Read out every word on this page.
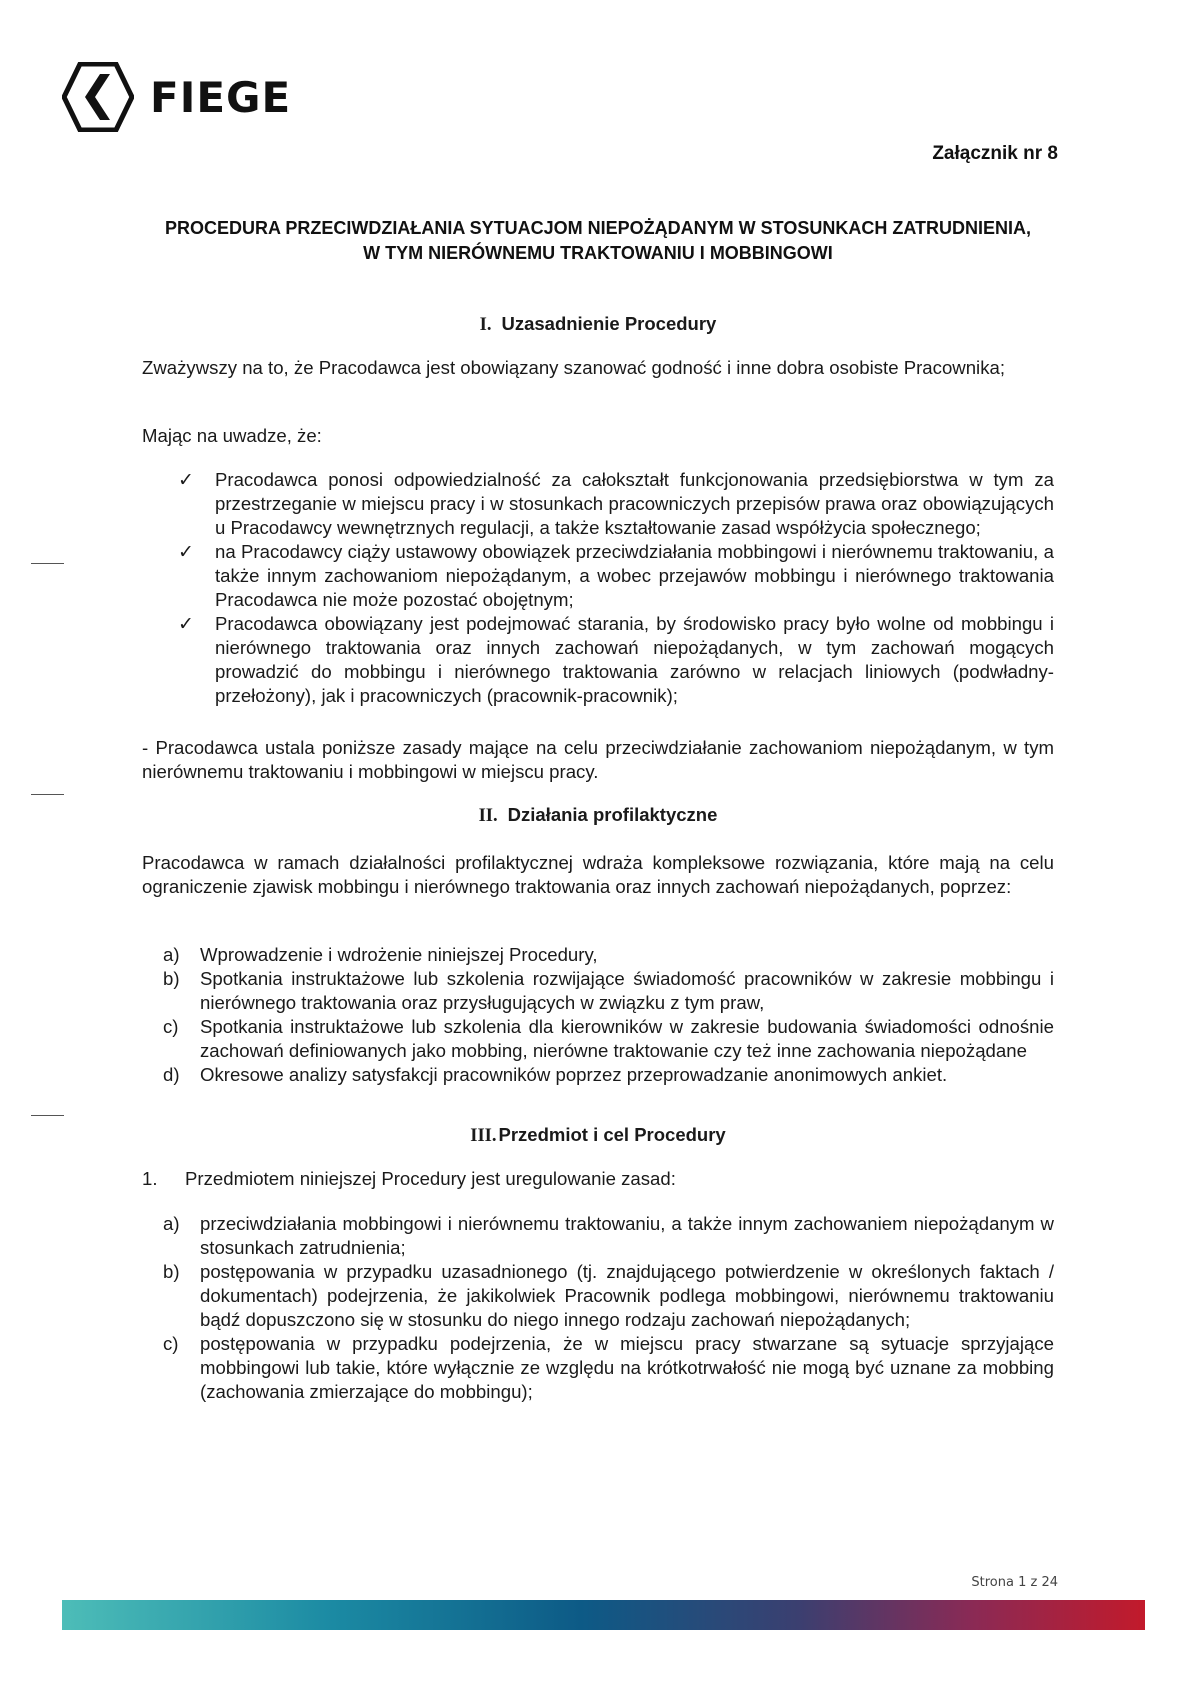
FIEGE
Załącznik nr 8
PROCEDURA PRZECIWDZIAŁANIA SYTUACJOM NIEPOŻĄDANYM W STOSUNKACH ZATRUDNIENIA,
W TYM NIERÓWNEMU TRAKTOWANIU I MOBBINGOWI
I. Uzasadnienie Procedury
Zważywszy na to, że Pracodawca jest obowiązany szanować godność i inne dobra osobiste Pracownika;
Mając na uwadze, że:
✓ Pracodawca ponosi odpowiedzialność za całokształt funkcjonowania przedsiębiorstwa w tym za przestrzeganie w miejscu pracy i w stosunkach pracowniczych przepisów prawa oraz obowiązujących u Pracodawcy wewnętrznych regulacji, a także kształtowanie zasad współżycia społecznego;
✓ na Pracodawcy ciąży ustawowy obowiązek przeciwdziałania mobbingowi i nierównemu traktowaniu, a także innym zachowaniom niepożądanym, a wobec przejawów mobbingu i nierównego traktowania Pracodawca nie może pozostać obojętnym;
✓ Pracodawca obowiązany jest podejmować starania, by środowisko pracy było wolne od mobbingu i nierównego traktowania oraz innych zachowań niepożądanych, w tym zachowań mogących prowadzić do mobbingu i nierównego traktowania zarówno w relacjach liniowych (podwładny-przełożony), jak i pracowniczych (pracownik-pracownik);
- Pracodawca ustala poniższe zasady mające na celu przeciwdziałanie zachowaniom niepożądanym, w tym nierównemu traktowaniu i mobbingowi w miejscu pracy.
II. Działania profilaktyczne
Pracodawca w ramach działalności profilaktycznej wdraża kompleksowe rozwiązania, które mają na celu ograniczenie zjawisk mobbingu i nierównego traktowania oraz innych zachowań niepożądanych, poprzez:
a) Wprowadzenie i wdrożenie niniejszej Procedury,
b) Spotkania instruktażowe lub szkolenia rozwijające świadomość pracowników w zakresie mobbingu i nierównego traktowania oraz przysługujących w związku z tym praw,
c) Spotkania instruktażowe lub szkolenia dla kierowników w zakresie budowania świadomości odnośnie zachowań definiowanych jako mobbing, nierówne traktowanie czy też inne zachowania niepożądane
d) Okresowe analizy satysfakcji pracowników poprzez przeprowadzanie anonimowych ankiet.
III. Przedmiot i cel Procedury
1. Przedmiotem niniejszej Procedury jest uregulowanie zasad:
a) przeciwdziałania mobbingowi i nierównemu traktowaniu, a także innym zachowaniem niepożądanym w stosunkach zatrudnienia;
b) postępowania w przypadku uzasadnionego (tj. znajdującego potwierdzenie w określonych faktach / dokumentach) podejrzenia, że jakikolwiek Pracownik podlega mobbingowi, nierównemu traktowaniu bądź dopuszczono się w stosunku do niego innego rodzaju zachowań niepożądanych;
c) postępowania w przypadku podejrzenia, że w miejscu pracy stwarzane są sytuacje sprzyjające mobbingowi lub takie, które wyłącznie ze względu na krótkotrwałość nie mogą być uznane za mobbing (zachowania zmierzające do mobbingu);
Strona 1 z 24
